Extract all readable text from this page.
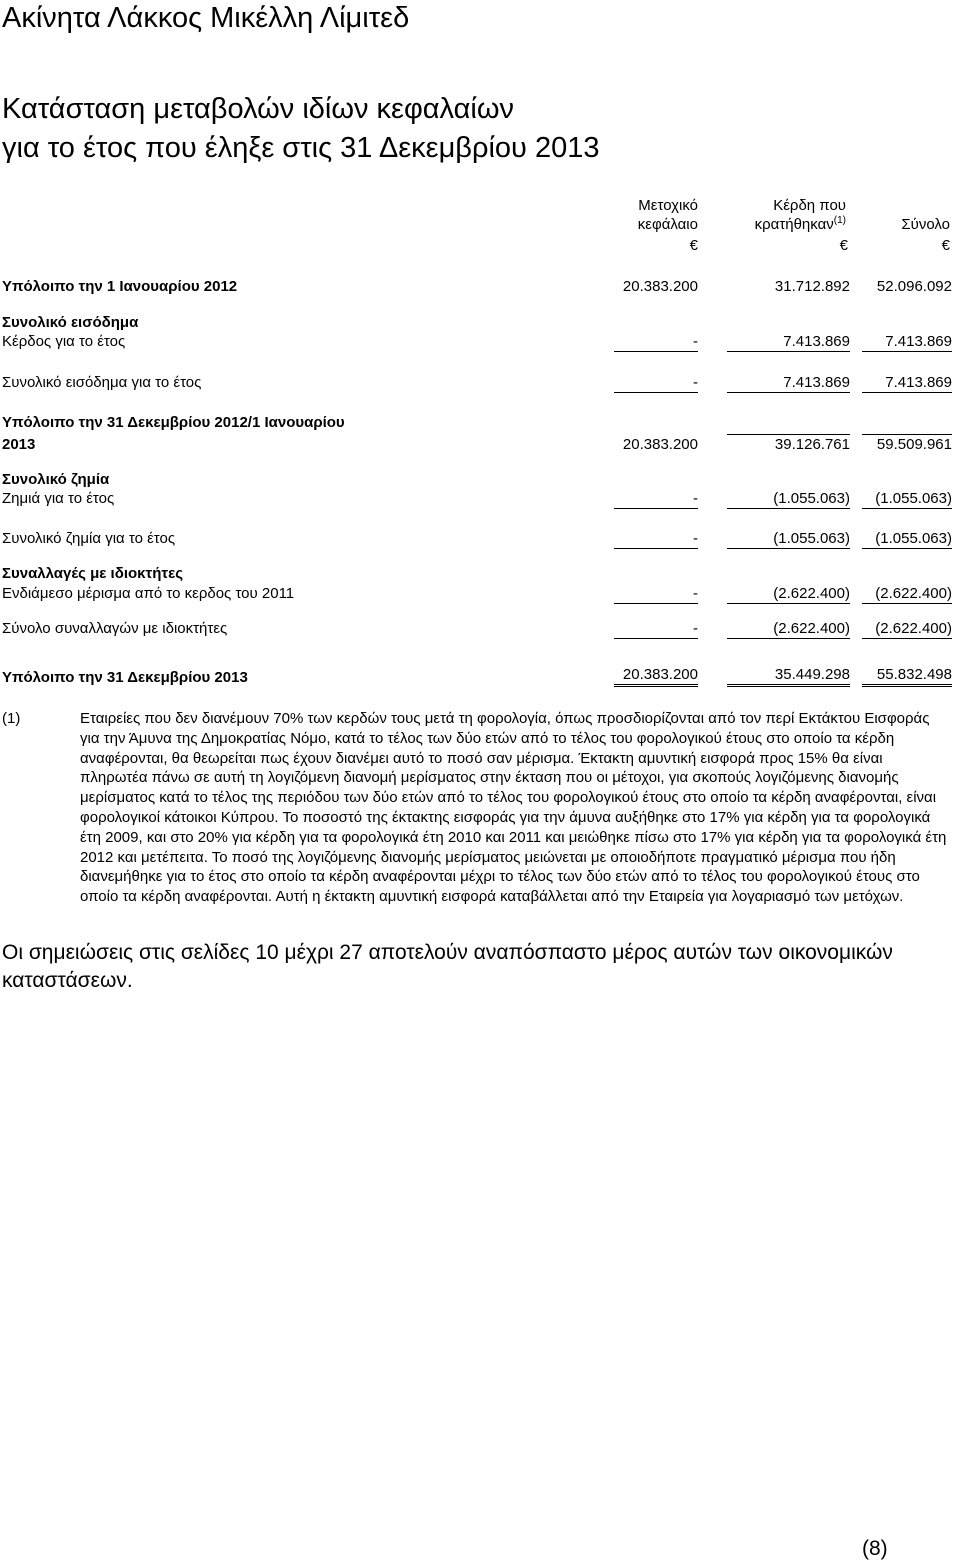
Ακίνητα Λάκκος Μικέλλη Λίμιτεδ
Κατάσταση μεταβολών ιδίων κεφαλαίων
για το έτος που έληξε στις 31 Δεκεμβρίου 2013
Μετοχικό
κεφάλαιο
Κέρδη που
κρατήθηκαν$^{(1)}$	Σύνολο
€	€	€
Υπόλοιπο την 1 Ιανουαρίου 2012	20.383.200	31.712.892	52.096.092
Συνολικό εισόδημα
Κέρδος για το έτος	-	7.413.869	7.413.869
Συνολικό εισόδημα για το έτος	-	7.413.869	7.413.869
Υπόλοιπο την 31 Δεκεμβρίου 2012/1 Ιανουαρίου
2013	20.383.200	39.126.761	59.509.961
Συνολικό ζημία
Ζημιά για το έτος	-	(1.055.063)	(1.055.063)
Συνολικό ζημία για το έτος	-	(1.055.063)	(1.055.063)
Συναλλαγές με ιδιοκτήτες
Ενδιάμεσο μέρισμα από το κερδος του 2011	-	(2.622.400)	(2.622.400)
Σύνολο συναλλαγών με ιδιοκτήτες	-	(2.622.400)	(2.622.400)
Υπόλοιπο την 31 Δεκεμβρίου 2013	20.383.200	35.449.298	55.832.498
(1)	Εταιρείες που δεν διανέμουν 70% των κερδών τους μετά τη φορολογία, όπως προσδιορίζονται από τον περί Εκτάκτου Εισφοράς για την Άμυνα της Δημοκρατίας Νόμο, κατά το τέλος των δύο ετών από το τέλος του φορολογικού έτους στο οποίο τα κέρδη αναφέρονται, θα θεωρείται πως έχουν διανέμει αυτό το ποσό σαν μέρισμα. Έκτακτη αμυντική εισφορά προς 15% θα είναι πληρωτέα πάνω σε αυτή τη λογιζόμενη διανομή μερίσματος στην έκταση που οι μέτοχοι, για σκοπούς λογιζόμενης διανομής μερίσματος κατά το τέλος της περιόδου των δύο ετών από το τέλος του φορολογικού έτους στο οποίο τα κέρδη αναφέρονται, είναι φορολογικοί κάτοικοι Κύπρου. Το ποσοστό της έκτακτης εισφοράς για την άμυνα αυξήθηκε στο 17% για κέρδη για τα φορολογικά έτη 2009, και στο 20% για κέρδη για τα φορολογικά έτη 2010 και 2011 και μειώθηκε πίσω στο 17% για κέρδη για τα φορολογικά έτη 2012 και μετέπειτα. Το ποσό της λογιζόμενης διανομής μερίσματος μειώνεται με οποιοδήποτε πραγματικό μέρισμα που ήδη διανεμήθηκε για το έτος στο οποίο τα κέρδη αναφέρονται μέχρι το τέλος των δύο ετών από το τέλος του φορολογικού έτους στο οποίο τα κέρδη αναφέρονται. Αυτή η έκτακτη αμυντική εισφορά καταβάλλεται από την Εταιρεία για λογαριασμό των μετόχων.
Οι σημειώσεις στις σελίδες 10 μέχρι 27 αποτελούν αναπόσπαστο μέρος αυτών των οικονομικών καταστάσεων.
(8)
